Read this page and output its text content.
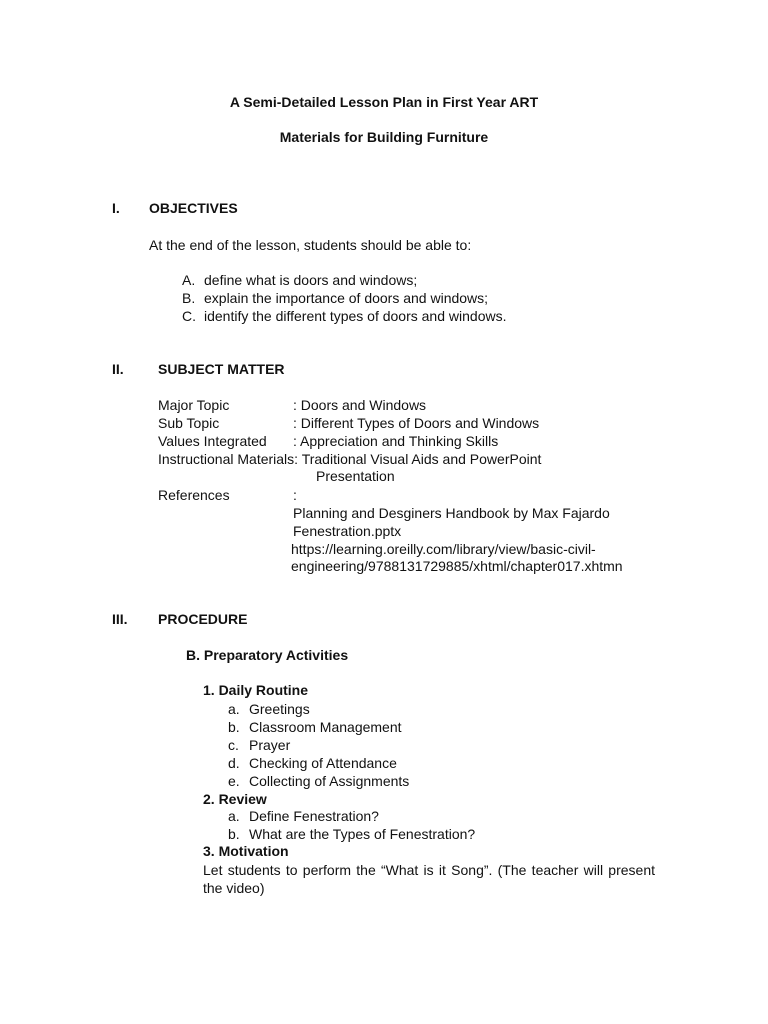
A Semi-Detailed Lesson Plan in First Year ART
Materials for Building Furniture
I. OBJECTIVES
At the end of the lesson, students should be able to:
A. define what is doors and windows;
B. explain the importance of doors and windows;
C. identify the different types of doors and windows.
II. SUBJECT MATTER
Major Topic	: Doors and Windows
Sub Topic	: Different Types of Doors and Windows
Values Integrated : Appreciation and Thinking Skills
Instructional Materials: Traditional Visual Aids and PowerPoint
Presentation
References	:
Planning and Desginers Handbook by Max Fajardo
Fenestration.pptx
https://learning.oreilly.com/library/view/basic-civil-
engineering/9788131729885/xhtml/chapter017.xhtmn
III. PROCEDURE
B. Preparatory Activities
1. Daily Routine
a. Greetings
b. Classroom Management
c. Prayer
d. Checking of Attendance
e. Collecting of Assignments
2. Review
a. Define Fenestration?
b. What are the Types of Fenestration?
3. Motivation
Let students to perform the “What is it Song”. (The teacher will present the video)
